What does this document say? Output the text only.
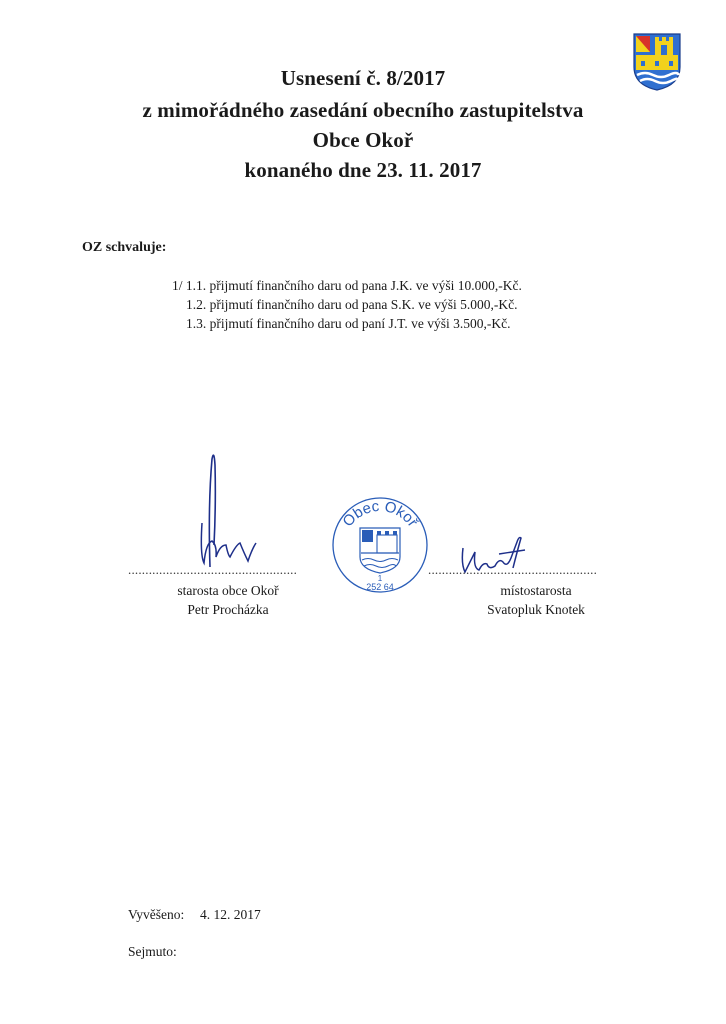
Usnesení č. 8/2017
z mimořádného zasedání obecního zastupitelstva
Obce Okoř
konaného dne 23. 11. 2017
OZ schvaluje:
1/ 1.1. přijmutí finančního daru od pana J.K. ve výši 10.000,-Kč.
1.2. přijmutí finančního daru od pana S.K. ve výši 5.000,-Kč.
1.3. přijmutí finančního daru od paní J.T. ve výši 3.500,-Kč.
.................................................
starosta obce Okoř
Petr Procházka
Obec Okoř
1
252 64
.................................................
místostarosta
Svatopluk Knotek
Vyvěšeno: 4. 12. 2017
Sejmuto:
